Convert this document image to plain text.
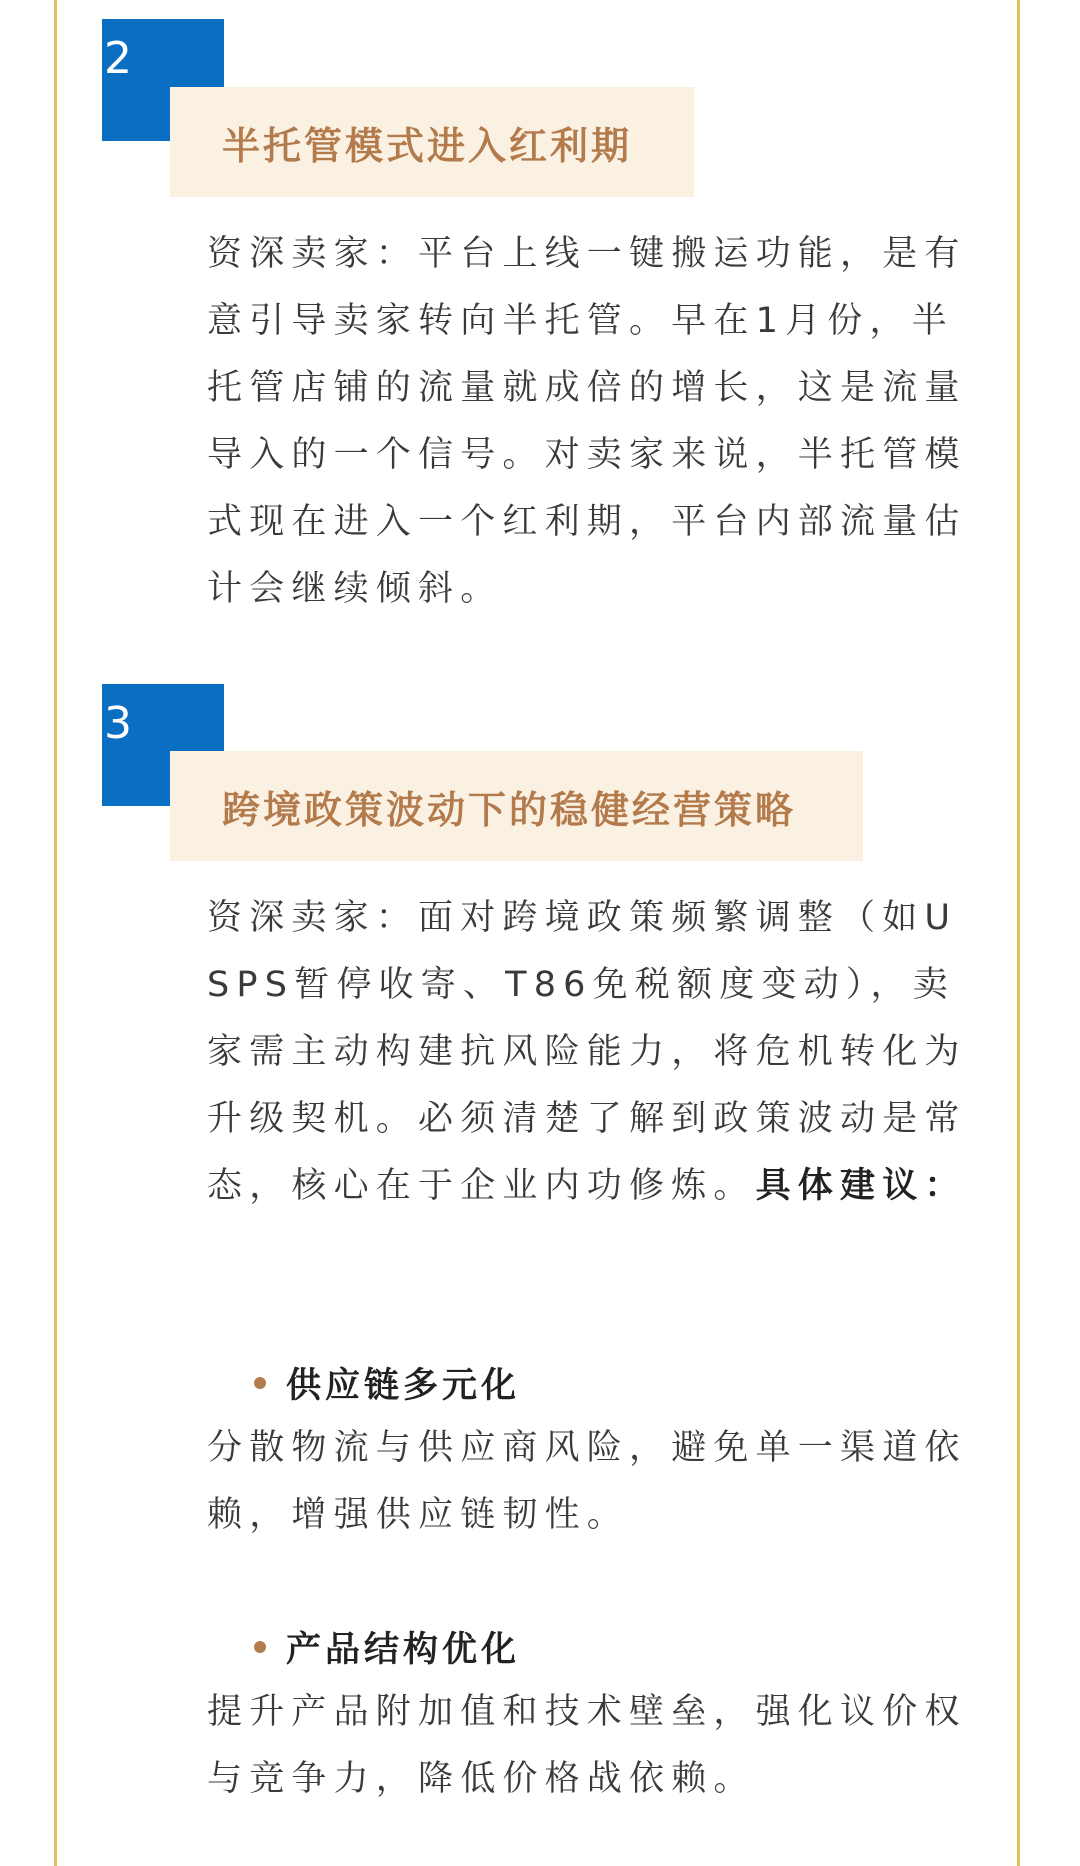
2
半托管模式进入红利期

资深卖家：平台上线一键搬运功能，是有意引导卖家转向半托管。早在1月份，半托管店铺的流量就成倍的增长，这是流量导入的一个信号。对卖家来说，半托管模式现在进入一个红利期，平台内部流量估计会继续倾斜。

3
跨境政策波动下的稳健经营策略

资深卖家：面对跨境政策频繁调整（如USPS暂停收寄、T86免税额度变动），卖家需主动构建抗风险能力，将危机转化为升级契机。必须清楚了解到政策波动是常态，核心在于企业内功修炼。具体建议：

供应链多元化

分散物流与供应商风险，避免单一渠道依赖，增强供应链韧性。

产品结构优化

提升产品附加值和技术壁垒，强化议价权与竞争力，降低价格战依赖。
